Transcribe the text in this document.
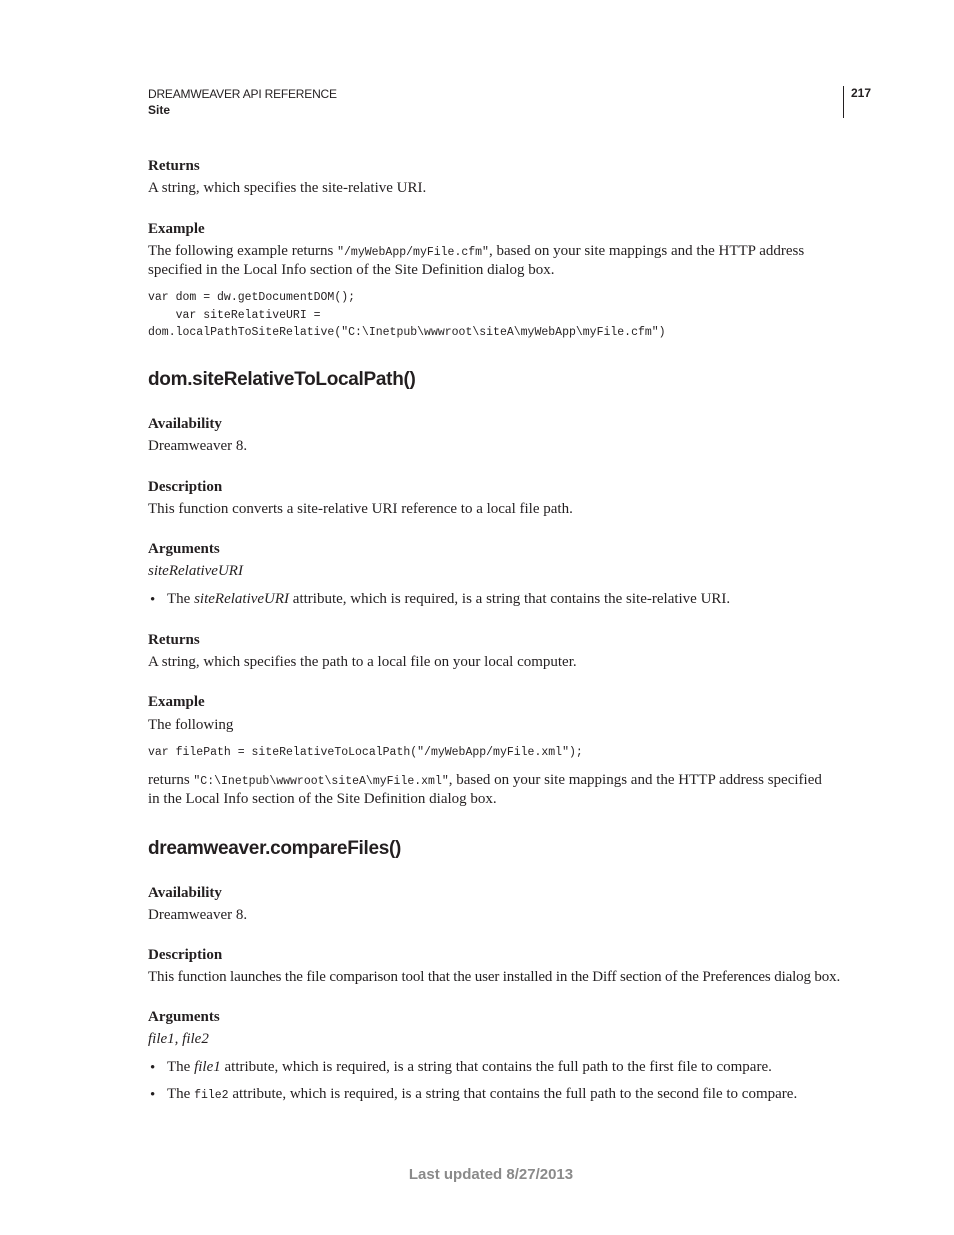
DREAMWEAVER API REFERENCE
Site
217
Returns
A string, which specifies the site-relative URI.
Example
The following example returns "/myWebApp/myFile.cfm", based on your site mappings and the HTTP address
specified in the Local Info section of the Site Definition dialog box.
var dom = dw.getDocumentDOM();
var siteRelativeURI =
dom.localPathToSiteRelative("C:\Inetpub\wwwroot\siteA\myWebApp\myFile.cfm")
dom.siteRelativeToLocalPath()
Availability
Dreamweaver 8.
Description
This function converts a site-relative URI reference to a local file path.
Arguments
siteRelativeURI
• The siteRelativeURI attribute, which is required, is a string that contains the site-relative URI.
Returns
A string, which specifies the path to a local file on your local computer.
Example
The following
var filePath = siteRelativeToLocalPath("/myWebApp/myFile.xml");
returns "C:\Inetpub\wwwroot\siteA\myFile.xml", based on your site mappings and the HTTP address specified
in the Local Info section of the Site Definition dialog box.
dreamweaver.compareFiles()
Availability
Dreamweaver 8.
Description
This function launches the file comparison tool that the user installed in the Diff section of the Preferences dialog box.
Arguments
file1, file2
• The file1 attribute, which is required, is a string that contains the full path to the first file to compare.
• The file2 attribute, which is required, is a string that contains the full path to the second file to compare.
Last updated 8/27/2013
